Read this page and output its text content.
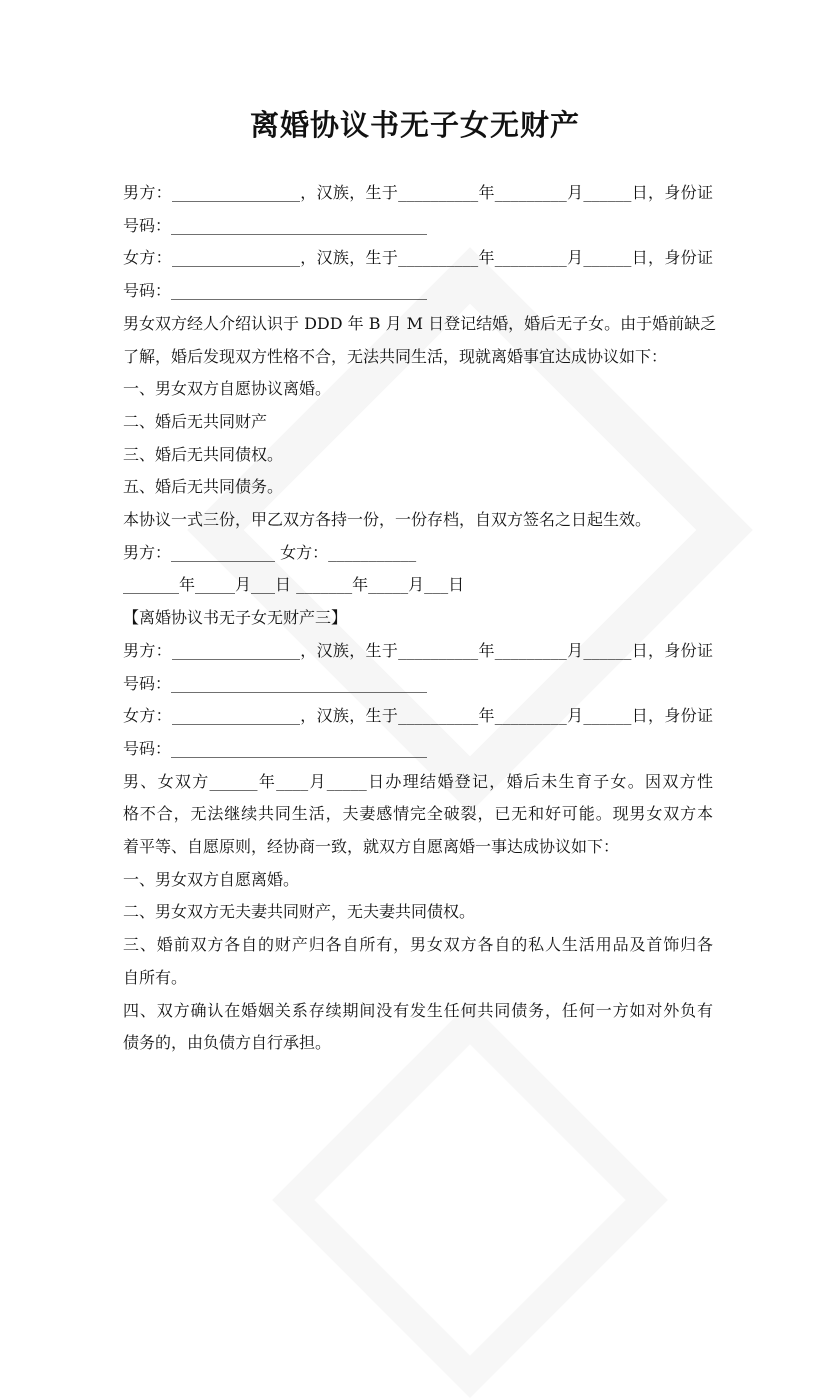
离婚协议书无子女无财产
男方：________________，汉族，生于__________年_________月______日，身份证
号码：________________________________
女方：________________，汉族，生于__________年_________月______日，身份证
号码：________________________________
男女双方经人介绍认识于 DDD 年 B 月 M 日登记结婚，婚后无子女。由于婚前缺乏
了解，婚后发现双方性格不合，无法共同生活，现就离婚事宜达成协议如下：
一、男女双方自愿协议离婚。
二、婚后无共同财产
三、婚后无共同债权。
五、婚后无共同债务。
本协议一式三份，甲乙双方各持一份，一份存档，自双方签名之日起生效。
男方：_____________ 女方：___________
_______年_____月___日 _______年_____月___日
【离婚协议书无子女无财产三】
男方：________________，汉族，生于__________年_________月______日，身份证
号码：________________________________
女方：________________，汉族，生于__________年_________月______日，身份证
号码：________________________________
男、女双方______年____月_____日办理结婚登记，婚后未生育子女。因双方性
格不合，无法继续共同生活，夫妻感情完全破裂，已无和好可能。现男女双方本
着平等、自愿原则，经协商一致，就双方自愿离婚一事达成协议如下：
一、男女双方自愿离婚。
二、男女双方无夫妻共同财产，无夫妻共同债权。
三、婚前双方各自的财产归各自所有，男女双方各自的私人生活用品及首饰归各
自所有。
四、双方确认在婚姻关系存续期间没有发生任何共同债务，任何一方如对外负有
债务的，由负债方自行承担。
